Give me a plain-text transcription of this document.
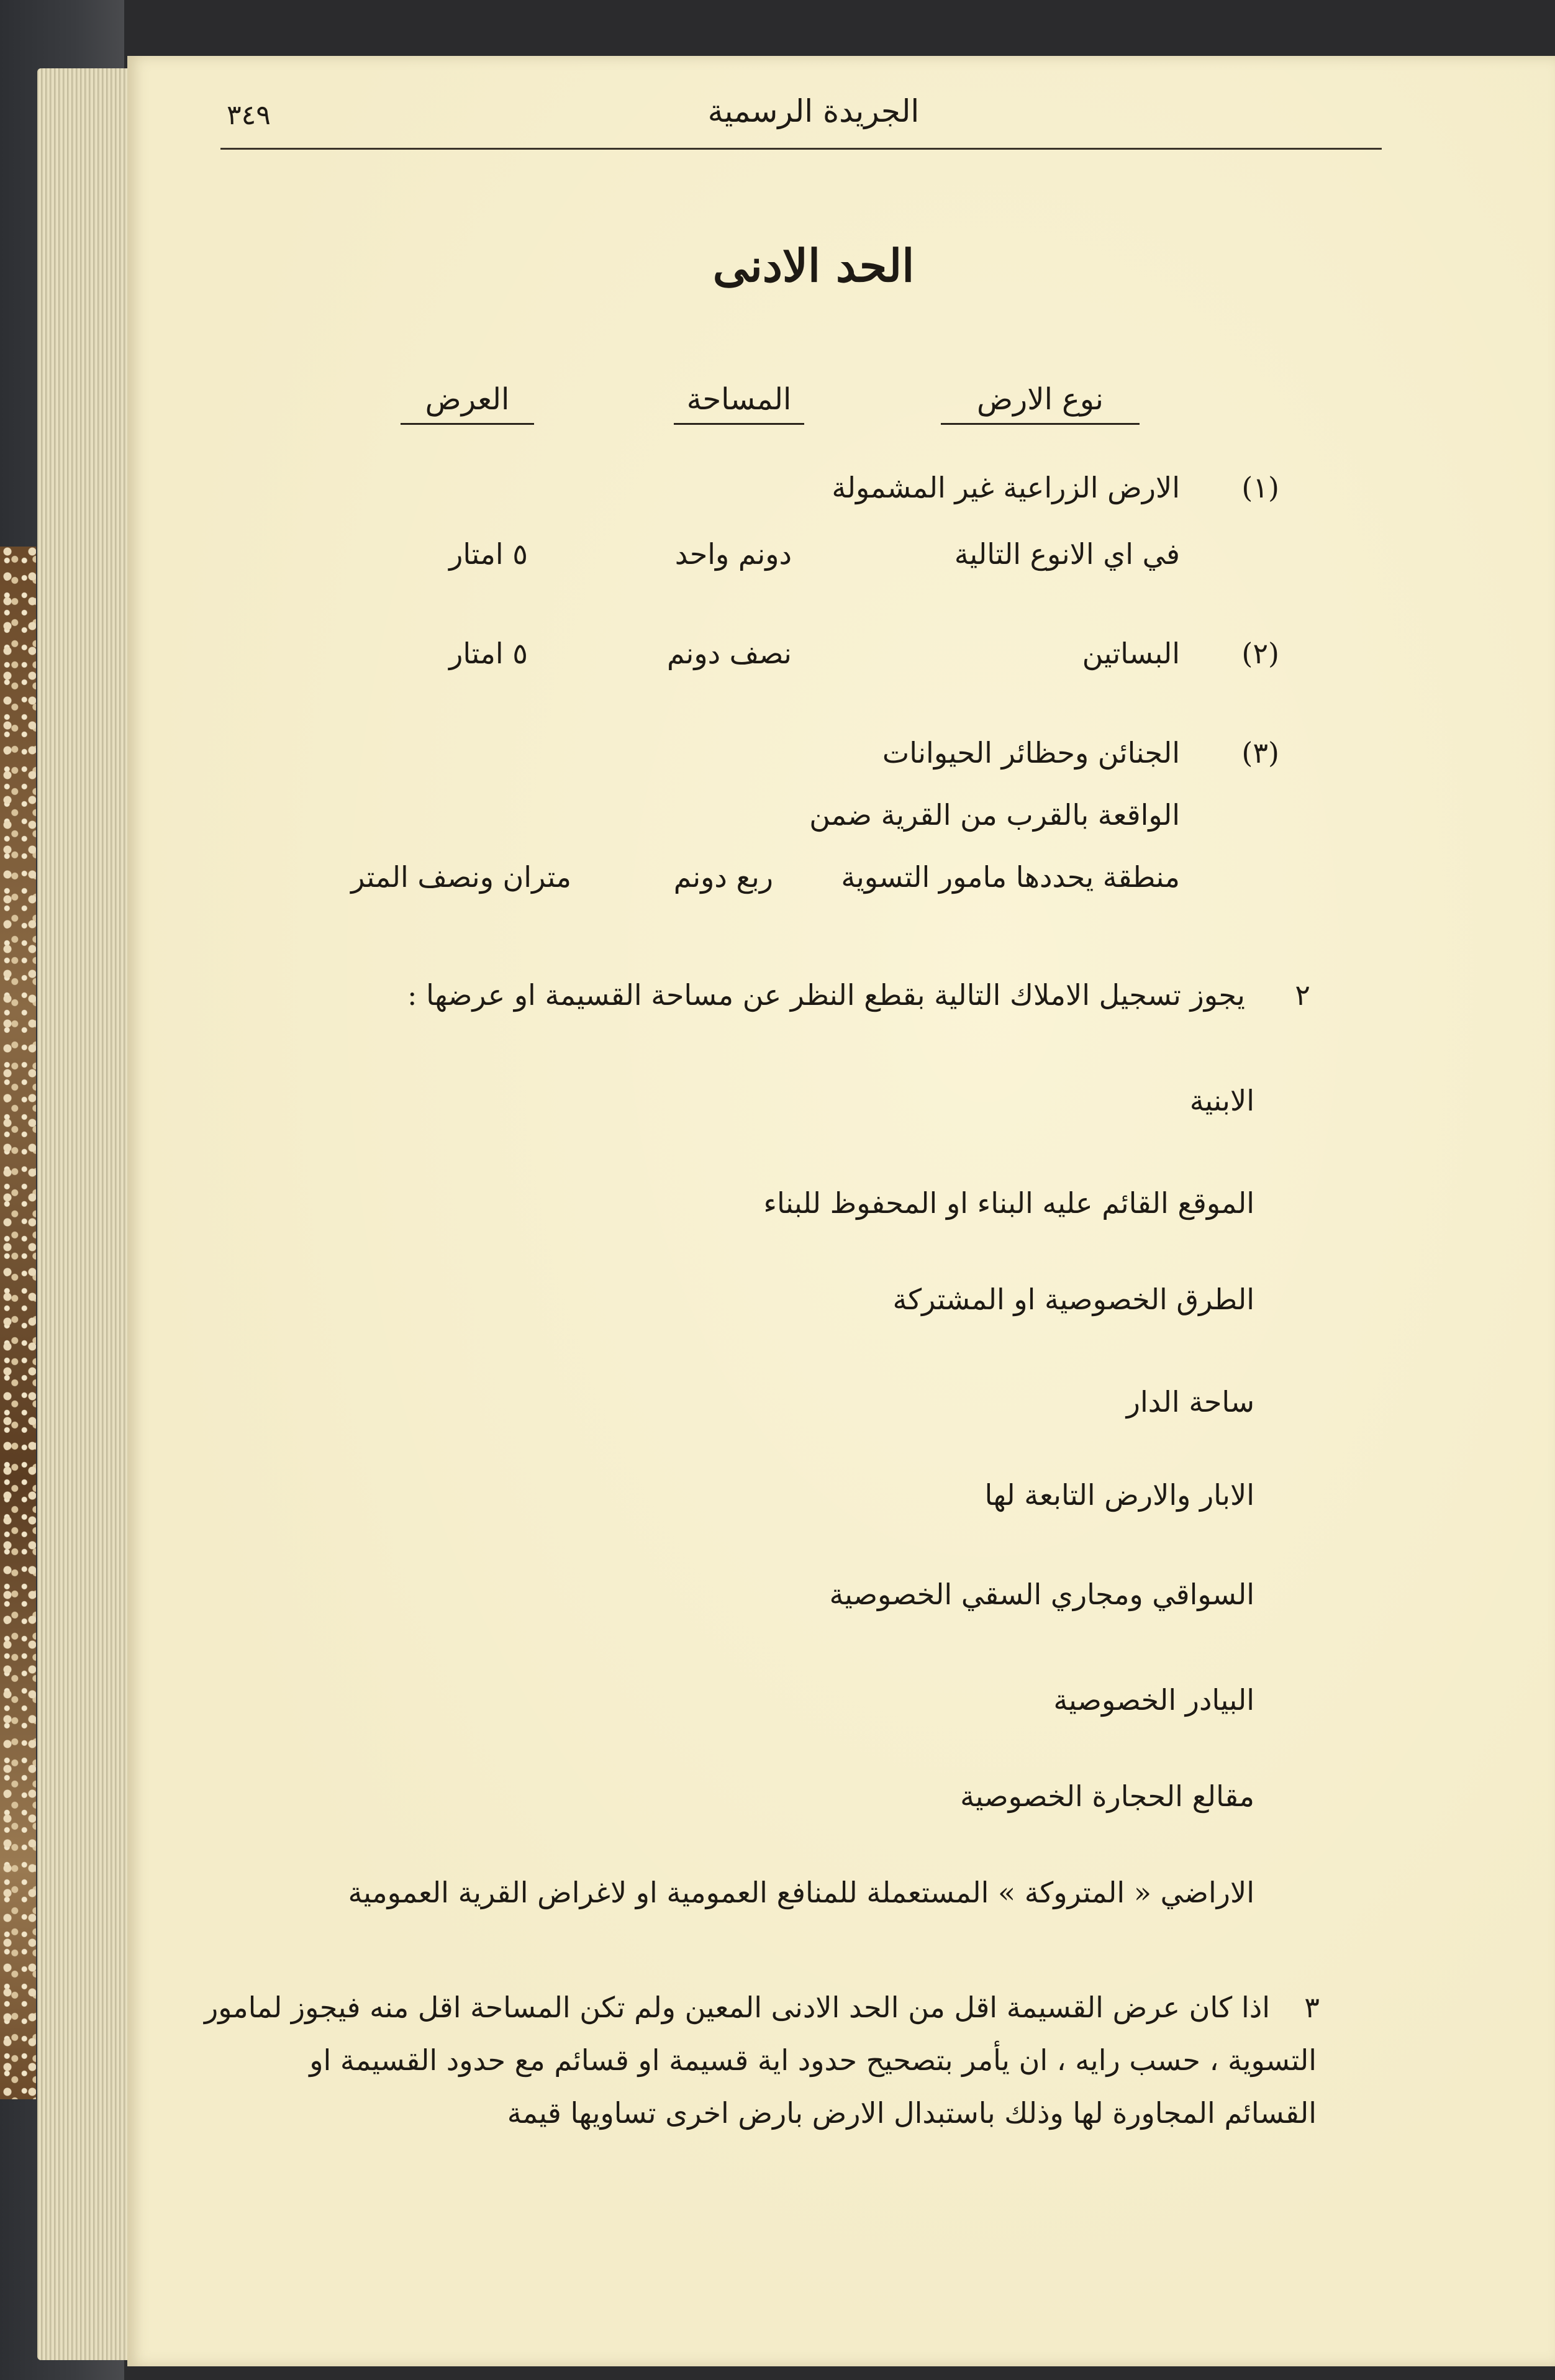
٣٤٩	الجريدة الرسمية
الحد الادنى
نوع الارض
المساحة
العرض
(١)
الارض الزراعية غير المشمولة
في اي الانوع التالية
دونم واحد
٥ امتار
(٢)
البساتين
نصف دونم
٥ امتار
(٣)
الجنائن وحظائر الحيوانات
الواقعة بالقرب من القرية ضمن
منطقة يحددها مامور التسوية
ربع دونم
متران ونصف المتر
٢
يجوز تسجيل الاملاك التالية بقطع النظر عن مساحة القسيمة او عرضها :
الابنية
الموقع القائم عليه البناء او المحفوظ للبناء
الطرق الخصوصية او المشتركة
ساحة الدار
الابار والارض التابعة لها
السواقي ومجاري السقي الخصوصية
البيادر الخصوصية
مقالع الحجارة الخصوصية
الاراضي « المتروكة » المستعملة للمنافع العمومية او لاغراض القرية العمومية
٣
اذا كان عرض القسيمة اقل من الحد الادنى المعين ولم تكن المساحة اقل منه فيجوز لمامور
التسوية ، حسب رايه ، ان يأمر بتصحيح حدود اية قسيمة او قسائم مع حدود القسيمة او
القسائم المجاورة لها وذلك باستبدال الارض بارض اخرى تساويها قيمة
